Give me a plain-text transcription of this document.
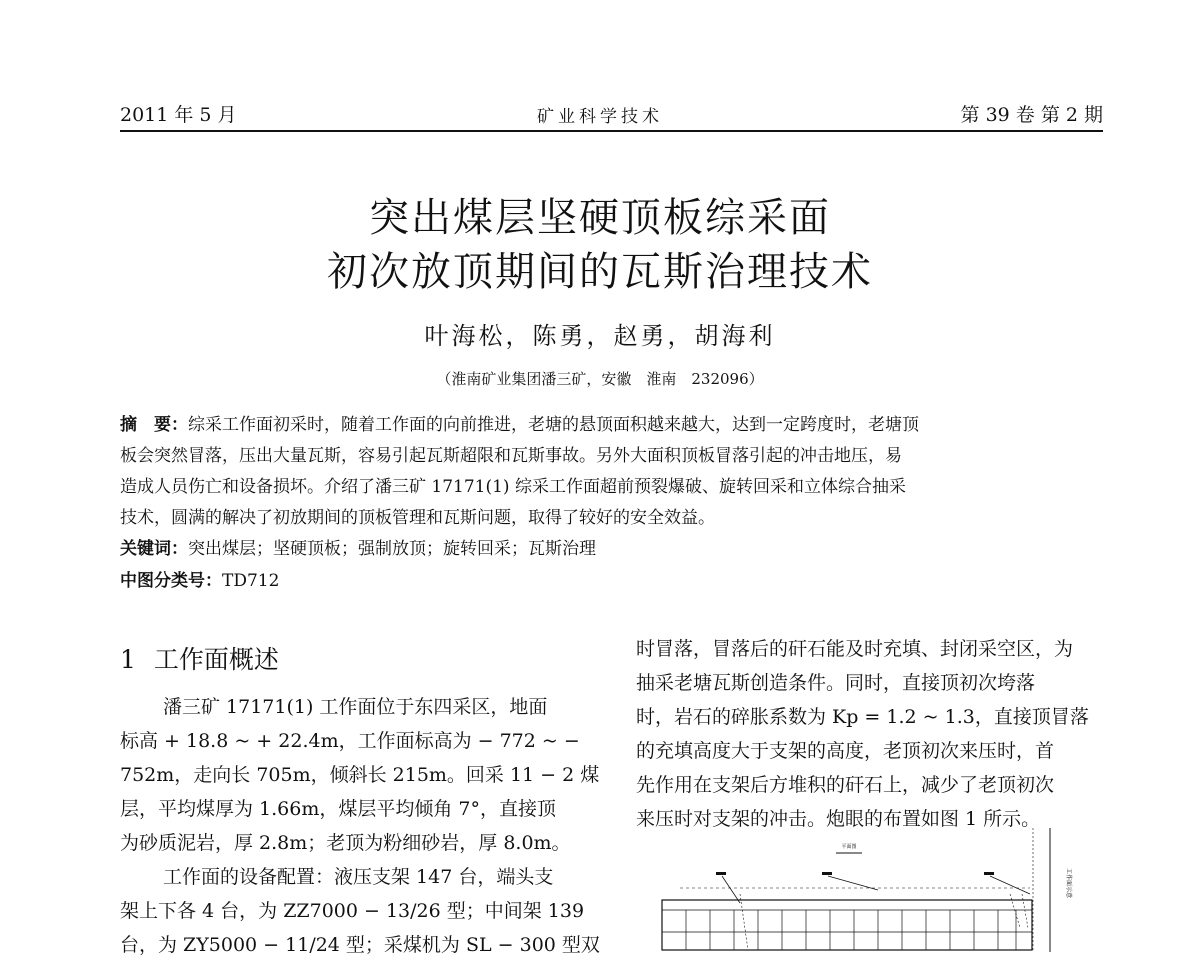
2011 年 5 月	矿业科学技术	第 39 卷 第 2 期
突出煤层坚硬顶板综采面
初次放顶期间的瓦斯治理技术
叶海松，陈勇，赵勇，胡海利
（淮南矿业集团潘三矿，安徽　淮南　232096）
摘　要：综采工作面初采时，随着工作面的向前推进，老塘的悬顶面积越来越大，达到一定跨度时，老塘顶
板会突然冒落，压出大量瓦斯，容易引起瓦斯超限和瓦斯事故。另外大面积顶板冒落引起的冲击地压，易
造成人员伤亡和设备损坏。介绍了潘三矿 17171(1) 综采工作面超前预裂爆破、旋转回采和立体综合抽采
技术，圆满的解决了初放期间的顶板管理和瓦斯问题，取得了较好的安全效益。
关键词：突出煤层；坚硬顶板；强制放顶；旋转回采；瓦斯治理
中图分类号：TD712
1 工作面概述
潘三矿 17171(1) 工作面位于东四采区，地面
标高 + 18.8 ~ + 22.4m，工作面标高为 − 772 ~ −
752m，走向长 705m，倾斜长 215m。回采 11 − 2 煤
层，平均煤厚为 1.66m，煤层平均倾角 7°，直接顶
为砂质泥岩，厚 2.8m；老顶为粉细砂岩，厚 8.0m。
工作面的设备配置：液压支架 147 台，端头支
架上下各 4 台，为 ZZ7000 − 13/26 型；中间架 139
台，为 ZY5000 − 11/24 型；采煤机为 SL − 300 型双
时冒落，冒落后的矸石能及时充填、封闭采空区，为
抽采老塘瓦斯创造条件。同时，直接顶初次垮落
时，岩石的碎胀系数为 Kp = 1.2 ~ 1.3，直接顶冒落
的充填高度大于支架的高度，老顶初次来压时，首
先作用在支架后方堆积的矸石上，减少了老顶初次
来压时对支架的冲击。炮眼的布置如图 1 所示。
平面图
工作面示意
